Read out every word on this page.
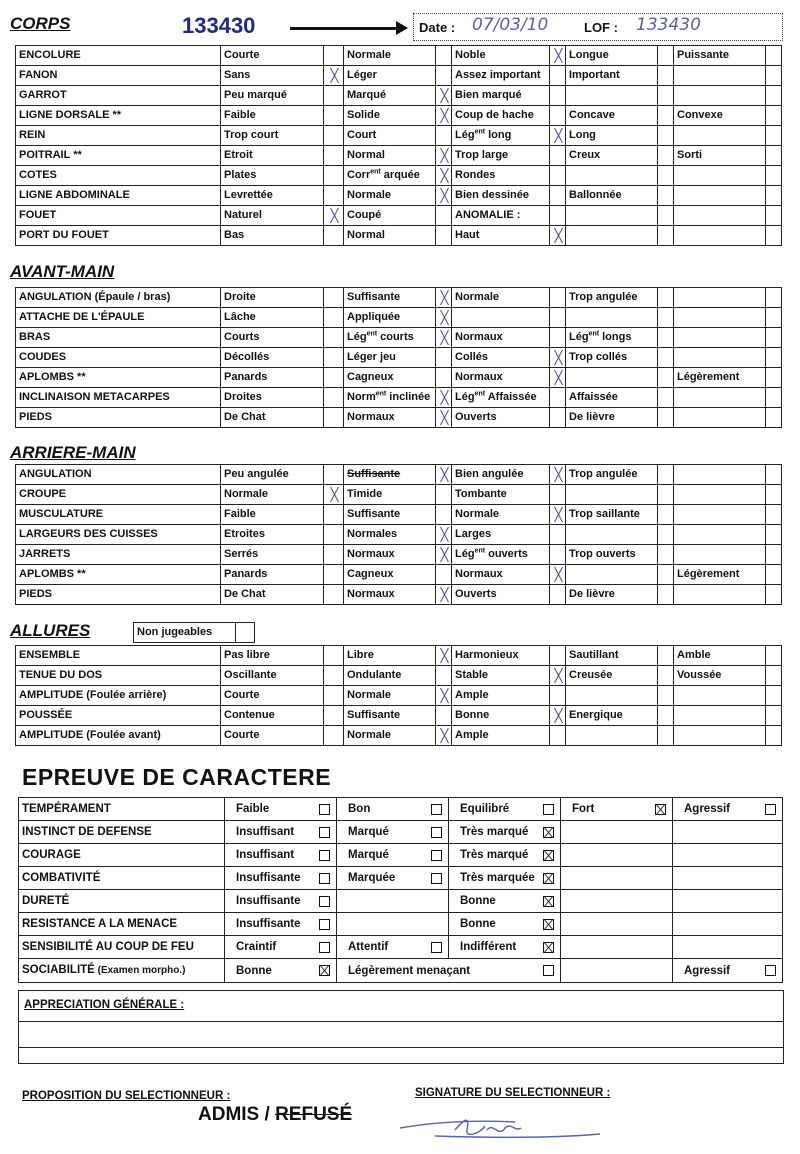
CORPS	133430	Date : 07/03/10	LOF : 133430
ENCOLURE	Courte		Normale		Noble		Longue		Puissante	
FANON	Sans		Léger		Assez important		Important			
GARROT	Peu marqué		Marqué		Bien marqué					
LIGNE DORSALE **	Faible		Solide		Coup de hache		Concave		Convexe	
REIN	Trop court		Court		Lég$^{ent}$ long		Long			
POITRAIL **	Etroit		Normal		Trop large		Creux		Sorti	
COTES	Plates		Corr$^{ent}$ arquée		Rondes					
LIGNE ABDOMINALE	Levrettée		Normale		Bien dessinée		Ballonnée			
FOUET	Naturel		Coupé		ANOMALIE :					
PORT DU FOUET	Bas		Normal		Haut					
AVANT-MAIN
ANGULATION (Épaule / bras)	Droite		Suffisante		Normale		Trop angulée			
ATTACHE DE L'ÉPAULE	Lâche		Appliquée							
BRAS	Courts		Lég$^{ent}$ courts		Normaux		Lég$^{ent}$ longs			
COUDES	Décollés		Léger jeu		Collés		Trop collés			
APLOMBS **	Panards		Cagneux		Normaux				Légèrement	
INCLINAISON METACARPES	Droites		Norm$^{ent}$ inclinée		Lég$^{ent}$ Affaissée		Affaissée			
PIEDS	De Chat		Normaux		Ouverts		De lièvre			
ARRIERE-MAIN
ANGULATION	Peu angulée		Suffisante		Bien angulée		Trop angulée			
CROUPE	Normale		Timide		Tombante					
MUSCULATURE	Faible		Suffisante		Normale		Trop saillante			
LARGEURS DES CUISSES	Etroites		Normales		Larges					
JARRETS	Serrés		Normaux		Lég$^{ent}$ ouverts		Trop ouverts			
APLOMBS **	Panards		Cagneux		Normaux				Légèrement	
PIEDS	De Chat		Normaux		Ouverts		De lièvre			
ALLURES	Non jugeables	
ENSEMBLE	Pas libre		Libre		Harmonieux		Sautillant		Amble	
TENUE DU DOS	Oscillante		Ondulante		Stable		Creusée		Voussée	
AMPLITUDE (Foulée arrière)	Courte		Normale		Ample					
POUSSÉE	Contenue		Suffisante		Bonne		Energique			
AMPLITUDE (Foulée avant)	Courte		Normale		Ample					
EPREUVE DE CARACTERE
TEMPÉRAMENT	Faible	Bon	Equilibré	Fort	Agressif

INSTINCT DE DEFENSE	Insuffisant	Marqué	Très marqué

COURAGE	Insuffisant	Marqué	Très marqué

COMBATIVITÉ	Insuffisante	Marquée	Très marquée

DURETÉ	Insuffisante		Bonne

RESISTANCE A LA MENACE	Insuffisante		Bonne

SENSIBILITÉ AU COUP DE FEU	Craintif	Attentif	Indifférent

SOCIABILITÉ (Examen morpho.)	Bonne	Légèrement menaçant			Agressif
APPRECIATION GÉNÉRALE :
PROPOSITION DU SELECTIONNEUR :	SIGNATURE DU SELECTIONNEUR :
ADMIS / REFUSÉ
